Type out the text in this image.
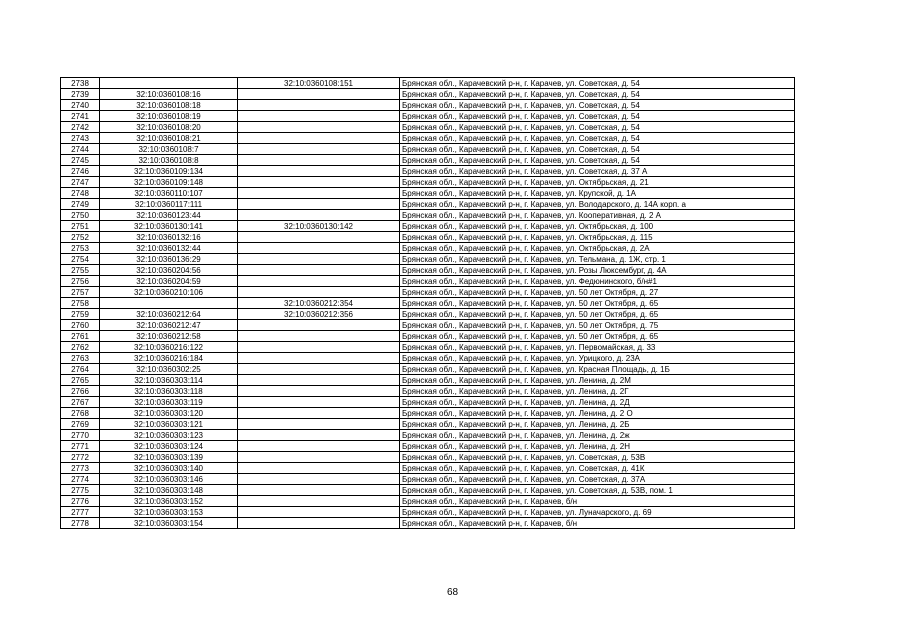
2738		32:10:0360108:151	Брянская обл., Карачевский р-н, г. Карачев, ул. Советская, д. 54
2739	32:10:0360108:16		Брянская обл., Карачевский р-н, г. Карачев, ул. Советская, д. 54
2740	32:10:0360108:18		Брянская обл., Карачевский р-н, г. Карачев, ул. Советская, д. 54
2741	32:10:0360108:19		Брянская обл., Карачевский р-н, г. Карачев, ул. Советская, д. 54
2742	32:10:0360108:20		Брянская обл., Карачевский р-н, г. Карачев, ул. Советская, д. 54
2743	32:10:0360108:21		Брянская обл., Карачевский р-н, г. Карачев, ул. Советская, д. 54
2744	32:10:0360108:7		Брянская обл., Карачевский р-н, г. Карачев, ул. Советская, д. 54
2745	32:10:0360108:8		Брянская обл., Карачевский р-н, г. Карачев, ул. Советская, д. 54
2746	32:10:0360109:134		Брянская обл., Карачевский р-н, г. Карачев, ул. Советская, д. 37 А
2747	32:10:0360109:148		Брянская обл., Карачевский р-н, г. Карачев, ул. Октябрьская, д. 21
2748	32:10:0360110:107		Брянская обл., Карачевский р-н, г. Карачев, ул. Крупской, д. 1А
2749	32:10:0360117:111		Брянская обл., Карачевский р-н, г. Карачев, ул. Володарского, д. 14А корп. а
2750	32:10:0360123:44		Брянская обл., Карачевский р-н, г. Карачев, ул. Кооперативная, д. 2 А
2751	32:10:0360130:141	32:10:0360130:142	Брянская обл., Карачевский р-н, г. Карачев, ул. Октябрьская, д. 100
2752	32:10:0360132:16		Брянская обл., Карачевский р-н, г. Карачев, ул. Октябрьская, д. 115
2753	32:10:0360132:44		Брянская обл., Карачевский р-н, г. Карачев, ул. Октябрьская, д. 2А
2754	32:10:0360136:29		Брянская обл., Карачевский р-н, г. Карачев, ул. Тельмана, д. 1Ж, стр. 1
2755	32:10:0360204:56		Брянская обл., Карачевский р-н, г. Карачев, ул. Розы Люксембург, д. 4А
2756	32:10:0360204:59		Брянская обл., Карачевский р-н, г. Карачев, ул. Федюнинского, б/н#1
2757	32:10:0360210:106		Брянская обл., Карачевский р-н, г. Карачев, ул. 50 лет Октября, д. 27
2758		32:10:0360212:354	Брянская обл., Карачевский р-н, г. Карачев, ул. 50 лет Октября, д. 65
2759	32:10:0360212:64	32:10:0360212:356	Брянская обл., Карачевский р-н, г. Карачев, ул. 50 лет Октября, д. 65
2760	32:10:0360212:47		Брянская обл., Карачевский р-н, г. Карачев, ул. 50 лет Октября, д. 75
2761	32:10:0360212:58		Брянская обл., Карачевский р-н, г. Карачев, ул. 50 лет Октября, д. 65
2762	32:10:0360216:122		Брянская обл., Карачевский р-н, г. Карачев, ул. Первомайская, д. 33
2763	32:10:0360216:184		Брянская обл., Карачевский р-н, г. Карачев, ул. Урицкого, д. 23А
2764	32:10:0360302:25		Брянская обл., Карачевский р-н, г. Карачев, ул. Красная Площадь, д. 1Б
2765	32:10:0360303:114		Брянская обл., Карачевский р-н, г. Карачев, ул. Ленина, д. 2М
2766	32:10:0360303:118		Брянская обл., Карачевский р-н, г. Карачев, ул. Ленина, д. 2Г
2767	32:10:0360303:119		Брянская обл., Карачевский р-н, г. Карачев, ул. Ленина, д. 2Д
2768	32:10:0360303:120		Брянская обл., Карачевский р-н, г. Карачев, ул. Ленина, д. 2 О
2769	32:10:0360303:121		Брянская обл., Карачевский р-н, г. Карачев, ул. Ленина, д. 2Б
2770	32:10:0360303:123		Брянская обл., Карачевский р-н, г. Карачев, ул. Ленина, д. 2ж
2771	32:10:0360303:124		Брянская обл., Карачевский р-н, г. Карачев, ул. Ленина, д. 2Н
2772	32:10:0360303:139		Брянская обл., Карачевский р-н, г. Карачев, ул. Советская, д. 53В
2773	32:10:0360303:140		Брянская обл., Карачевский р-н, г. Карачев, ул. Советская, д. 41К
2774	32:10:0360303:146		Брянская обл., Карачевский р-н, г. Карачев, ул. Советская, д. 37А
2775	32:10:0360303:148		Брянская обл., Карачевский р-н, г. Карачев, ул. Советская, д. 53В, пом. 1
2776	32:10:0360303:152		Брянская обл., Карачевский р-н, г. Карачев, б/н
2777	32:10:0360303:153		Брянская обл., Карачевский р-н, г. Карачев, ул. Луначарского, д. 69
2778	32:10:0360303:154		Брянская обл., Карачевский р-н, г. Карачев, б/н
68
